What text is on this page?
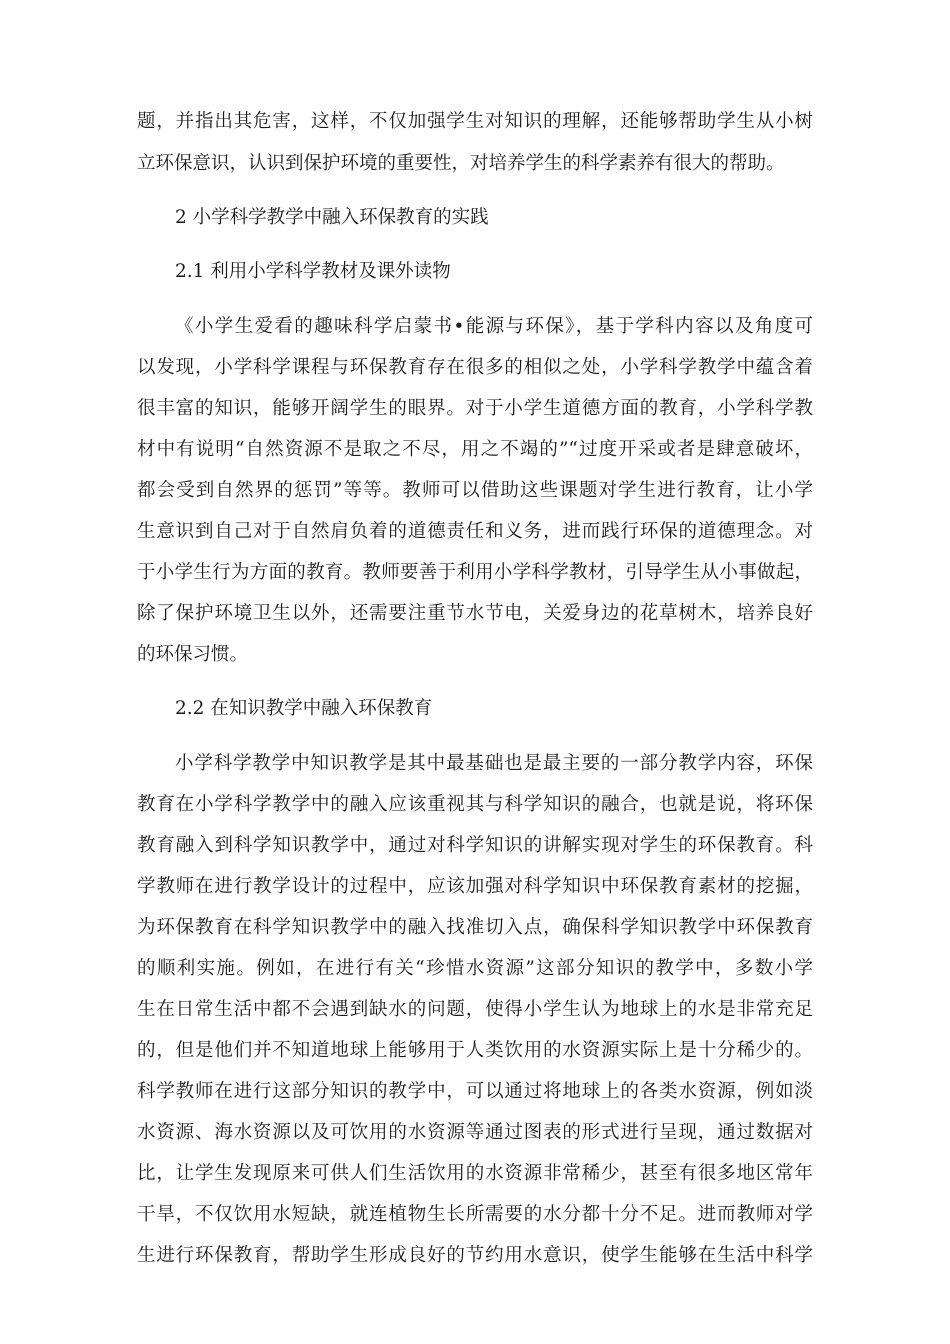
题，并指出其危害，这样，不仅加强学生对知识的理解，还能够帮助学生从小树
立环保意识，认识到保护环境的重要性，对培养学生的科学素养有很大的帮助。
2 小学科学教学中融入环保教育的实践
2.1 利用小学科学教材及课外读物
《小学生爱看的趣味科学启蒙书•能源与环保》，基于学科内容以及角度可
以发现，小学科学课程与环保教育存在很多的相似之处，小学科学教学中蕴含着
很丰富的知识，能够开阔学生的眼界。对于小学生道德方面的教育，小学科学教
材中有说明“自然资源不是取之不尽，用之不竭的”“过度开采或者是肆意破坏，
都会受到自然界的惩罚”等等。教师可以借助这些课题对学生进行教育，让小学
生意识到自己对于自然肩负着的道德责任和义务，进而践行环保的道德理念。对
于小学生行为方面的教育。教师要善于利用小学科学教材，引导学生从小事做起，
除了保护环境卫生以外，还需要注重节水节电，关爱身边的花草树木，培养良好
的环保习惯。
2.2 在知识教学中融入环保教育
小学科学教学中知识教学是其中最基础也是最主要的一部分教学内容，环保
教育在小学科学教学中的融入应该重视其与科学知识的融合，也就是说，将环保
教育融入到科学知识教学中，通过对科学知识的讲解实现对学生的环保教育。科
学教师在进行教学设计的过程中，应该加强对科学知识中环保教育素材的挖掘，
为环保教育在科学知识教学中的融入找准切入点，确保科学知识教学中环保教育
的顺利实施。例如，在进行有关“珍惜水资源”这部分知识的教学中，多数小学
生在日常生活中都不会遇到缺水的问题，使得小学生认为地球上的水是非常充足
的，但是他们并不知道地球上能够用于人类饮用的水资源实际上是十分稀少的。
科学教师在进行这部分知识的教学中，可以通过将地球上的各类水资源，例如淡
水资源、海水资源以及可饮用的水资源等通过图表的形式进行呈现，通过数据对
比，让学生发现原来可供人们生活饮用的水资源非常稀少，甚至有很多地区常年
干旱，不仅饮用水短缺，就连植物生长所需要的水分都十分不足。进而教师对学
生进行环保教育，帮助学生形成良好的节约用水意识，使学生能够在生活中科学
